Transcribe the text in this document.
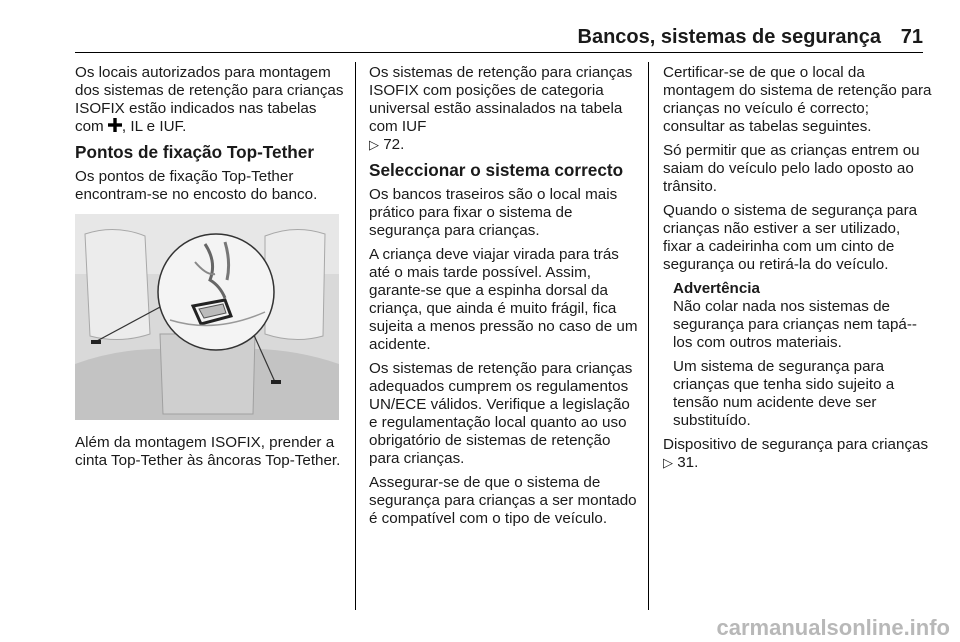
Bancos, sistemas de segurança 71

Os locais autorizados para montagem dos sistemas de retenção para crianças ISOFIX estão indicados nas tabelas com , IL e IUF.

Pontos de fixação Top-Tether

Os pontos de fixação Top-Tether encontram-se no encosto do banco.

Além da montagem ISOFIX, prender a cinta Top-Tether às âncoras Top-Tether.

Os sistemas de retenção para crianças ISOFIX com posições de categoria universal estão assinalados na tabela com IUF
▷ 72.

Seleccionar o sistema correcto

Os bancos traseiros são o local mais prático para fixar o sistema de segurança para crianças.

A criança deve viajar virada para trás até o mais tarde possível. Assim, garante-se que a espinha dorsal da criança, que ainda é muito frágil, fica sujeita a menos pressão no caso de um acidente.

Os sistemas de retenção para crianças adequados cumprem os regulamentos UN/ECE válidos. Verifique a legislação e regulamentação local quanto ao uso obrigatório de sistemas de retenção para crianças.

Assegurar-se de que o sistema de segurança para crianças a ser montado é compatível com o tipo de veículo.

Certificar-se de que o local da montagem do sistema de retenção para crianças no veículo é correcto; consultar as tabelas seguintes.

Só permitir que as crianças entrem ou saiam do veículo pelo lado oposto ao trânsito.

Quando o sistema de segurança para crianças não estiver a ser utilizado, fixar a cadeirinha com um cinto de segurança ou retirá-la do veículo.

Advertência

Não colar nada nos sistemas de segurança para crianças nem tapá--los com outros materiais.

Um sistema de segurança para crianças que tenha sido sujeito a tensão num acidente deve ser substituído.

Dispositivo de segurança para crianças
▷ 31.

carmanualsonline.info
